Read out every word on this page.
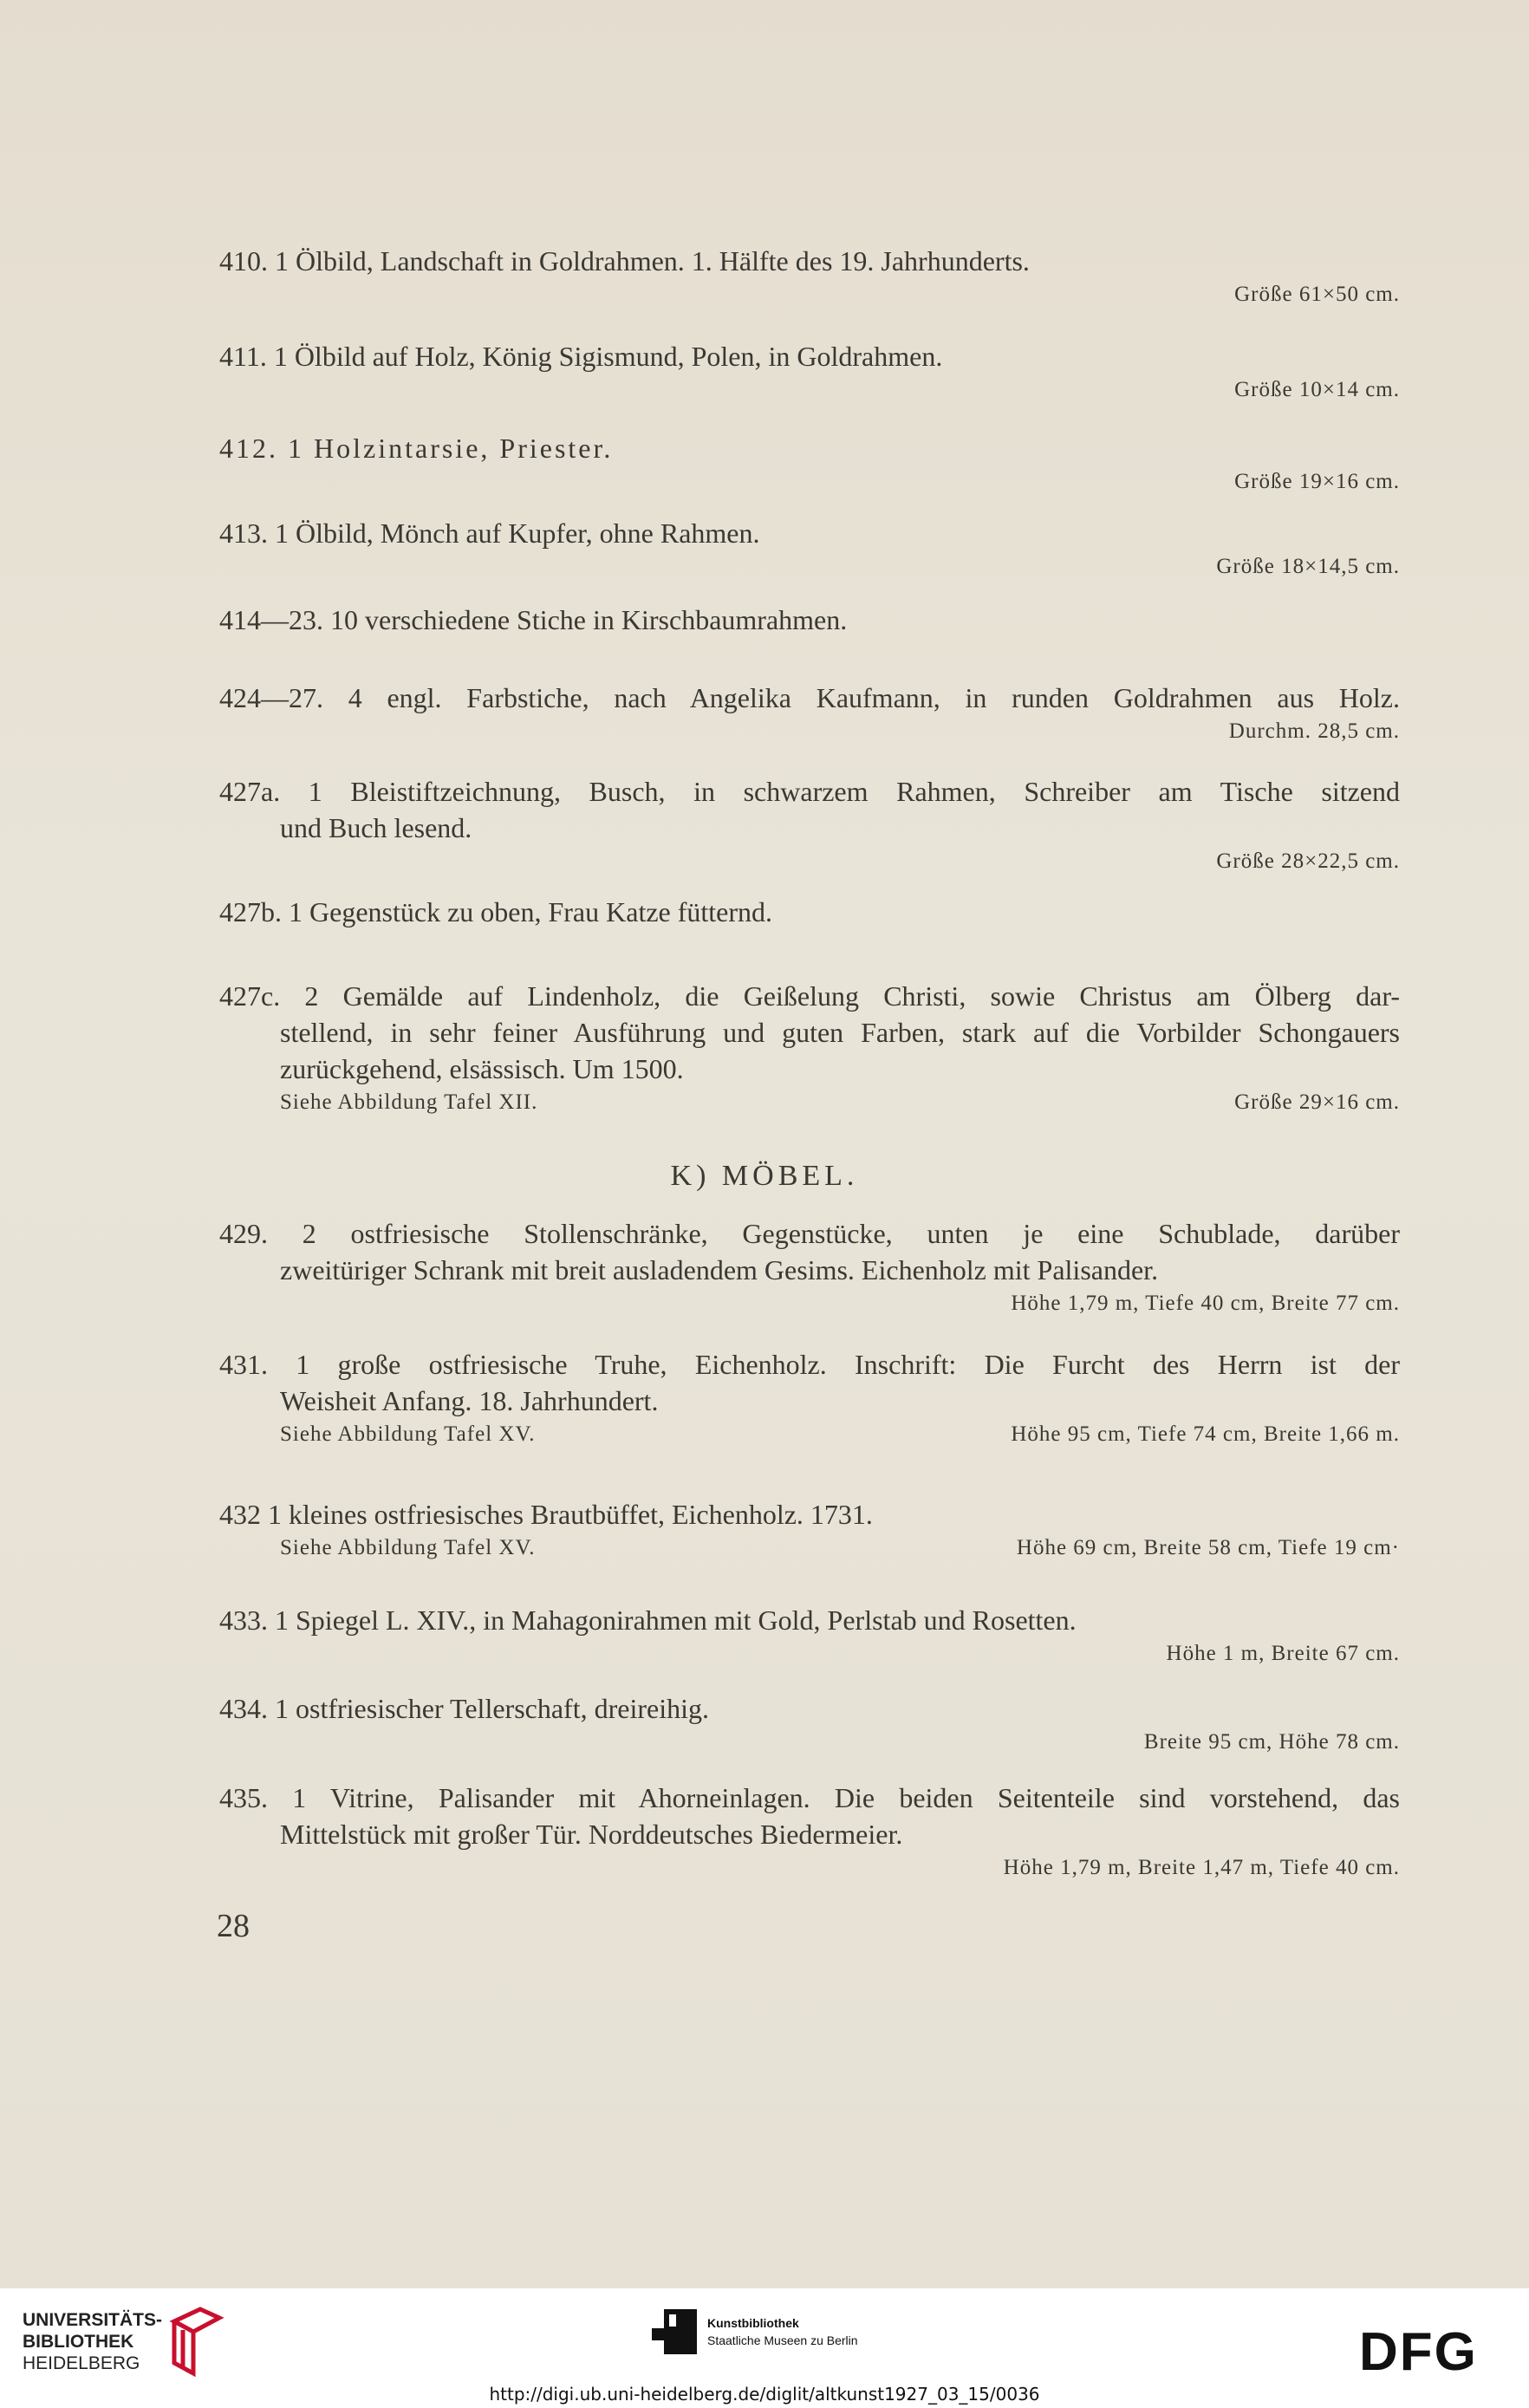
410. 1 Ölbild, Landschaft in Goldrahmen. 1. Hälfte des 19. Jahrhunderts.
Größe 61×50 cm.
411. 1 Ölbild auf Holz, König Sigismund, Polen, in Goldrahmen.
Größe 10×14 cm.
412. 1 Holzintarsie, Priester.
Größe 19×16 cm.
413. 1 Ölbild, Mönch auf Kupfer, ohne Rahmen.
Größe 18×14,5 cm.
414—23. 10 verschiedene Stiche in Kirschbaumrahmen.
424—27. 4 engl. Farbstiche, nach Angelika Kaufmann, in runden Goldrahmen aus Holz.
Durchm. 28,5 cm.
427a. 1 Bleistiftzeichnung, Busch, in schwarzem Rahmen, Schreiber am Tische sitzend
und Buch lesend.
Größe 28×22,5 cm.
427b. 1 Gegenstück zu oben, Frau Katze fütternd.
427c. 2 Gemälde auf Lindenholz, die Geißelung Christi, sowie Christus am Ölberg dar-
stellend, in sehr feiner Ausführung und guten Farben, stark auf die Vorbilder Schongauers
zurückgehend, elsässisch. Um 1500.
Siehe Abbildung Tafel XII.	Größe 29×16 cm.
K) MÖBEL.
429. 2 ostfriesische Stollenschränke, Gegenstücke, unten je eine Schublade, darüber
zweitüriger Schrank mit breit ausladendem Gesims. Eichenholz mit Palisander.
Höhe 1,79 m, Tiefe 40 cm, Breite 77 cm.
431. 1 große ostfriesische Truhe, Eichenholz. Inschrift: Die Furcht des Herrn ist der
Weisheit Anfang. 18. Jahrhundert.
Siehe Abbildung Tafel XV.	Höhe 95 cm, Tiefe 74 cm, Breite 1,66 m.
432 1 kleines ostfriesisches Brautbüffet, Eichenholz. 1731.
Siehe Abbildung Tafel XV.	Höhe 69 cm, Breite 58 cm, Tiefe 19 cm·
433. 1 Spiegel L. XIV., in Mahagonirahmen mit Gold, Perlstab und Rosetten.
Höhe 1 m, Breite 67 cm.
434. 1 ostfriesischer Tellerschaft, dreireihig.
Breite 95 cm, Höhe 78 cm.
435. 1 Vitrine, Palisander mit Ahorneinlagen. Die beiden Seitenteile sind vorstehend, das
Mittelstück mit großer Tür. Norddeutsches Biedermeier.
Höhe 1,79 m, Breite 1,47 m, Tiefe 40 cm.
28
UNIVERSITÄTS-
BIBLIOTHEK
HEIDELBERG
Kunstbibliothek
Staatliche Museen zu Berlin	DFG
http://digi.ub.uni-heidelberg.de/diglit/altkunst1927_03_15/0036
